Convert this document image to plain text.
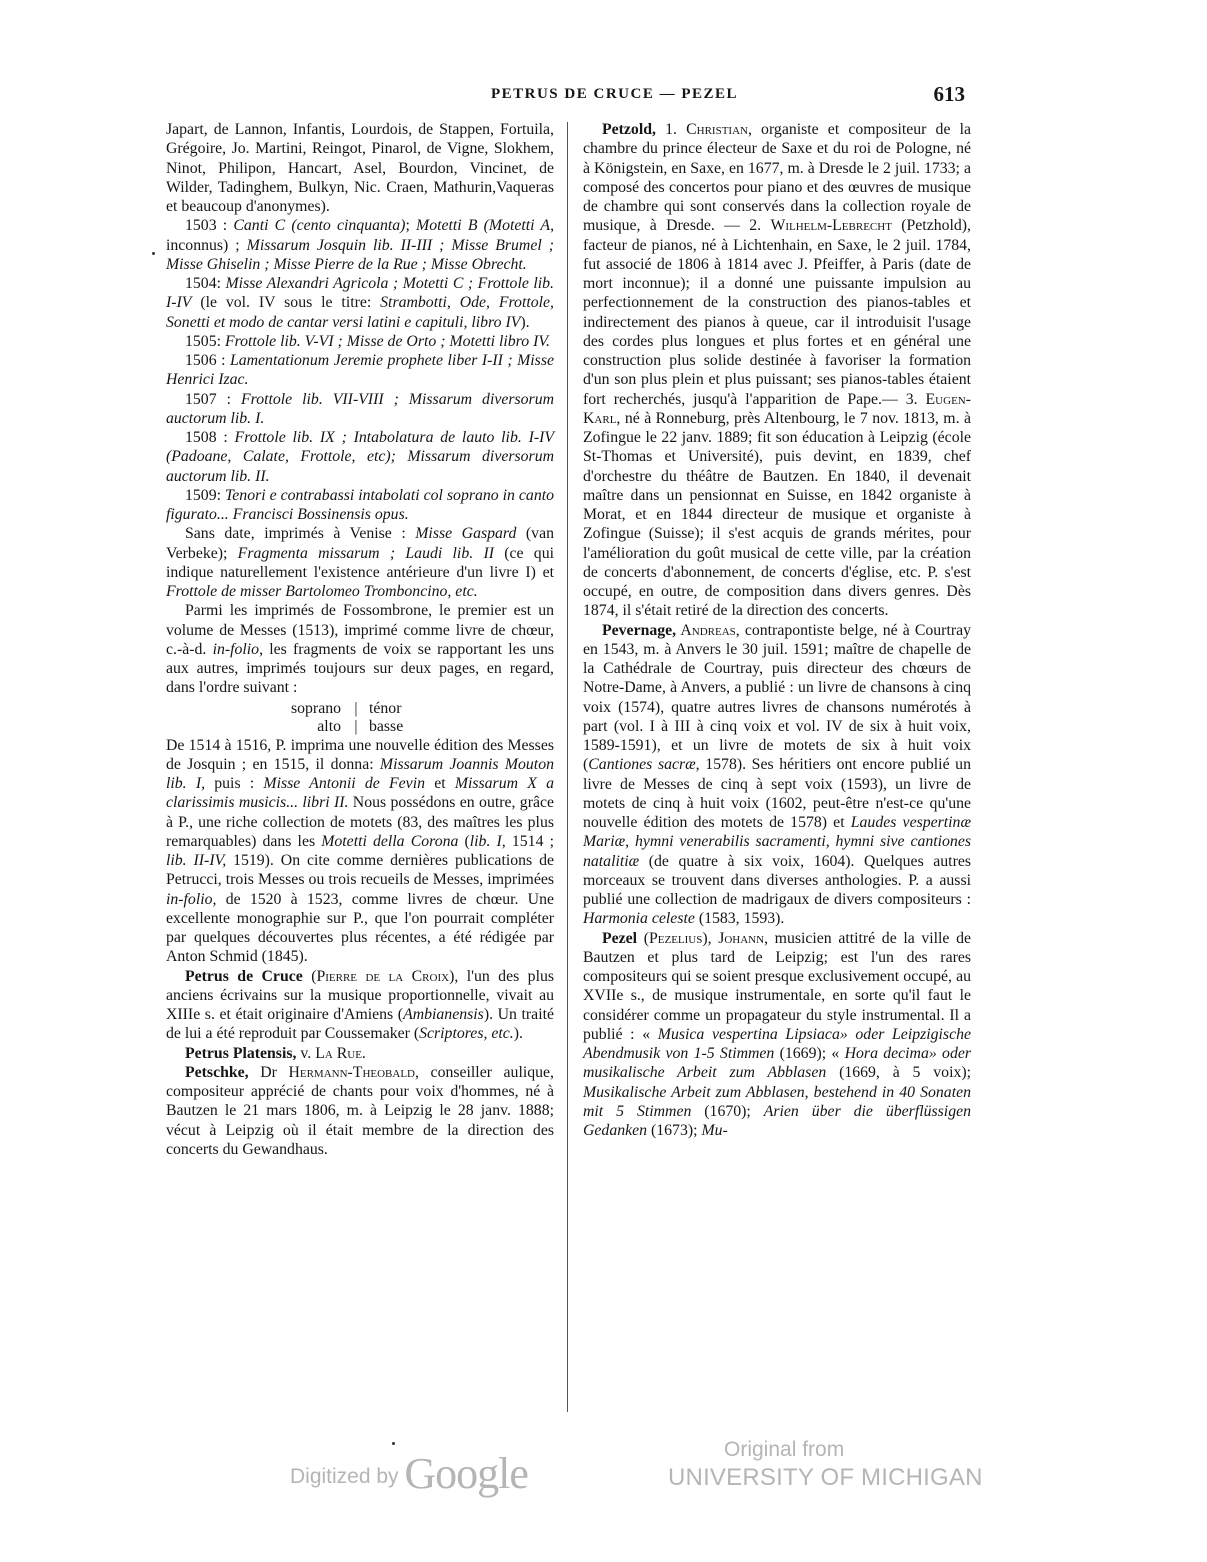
PETRUS DE CRUCE — PEZEL	613

Japart, de Lannon, Infantis, Lourdois, de Stappen, Fortuila, Grégoire, Jo. Martini, Reingot, Pinarol, de Vigne, Slokhem, Ninot, Philipon, Hancart, Asel, Bourdon, Vincinet, de Wilder, Tadinghem, Bulkyn, Nic. Craen, Mathurin,Vaqueras et beaucoup d'anonymes).

1503 : Canti C (cento cinquanta); Motetti B (Motetti A, inconnus) ; Missarum Josquin lib. II-III ; Misse Brumel ; Misse Ghiselin ; Misse Pierre de la Rue ; Misse Obrecht.

1504: Misse Alexandri Agricola ; Motetti C ; Frottole lib. I-IV (le vol. IV sous le titre: Strambotti, Ode, Frottole, Sonetti et modo de cantar versi latini e capituli, libro IV).

1505: Frottole lib. V-VI ; Misse de Orto ; Motetti libro IV.

1506 : Lamentationum Jeremie prophete liber I-II ; Misse Henrici Izac.

1507 : Frottole lib. VII-VIII ; Missarum diversorum auctorum lib. I.

1508 : Frottole lib. IX ; Intabolatura de lauto lib. I-IV (Padoane, Calate, Frottole, etc); Missarum diversorum auctorum lib. II.

1509: Tenori e contrabassi intabolati col soprano in canto figurato... Francisci Bossinensis opus.

Sans date, imprimés à Venise : Misse Gaspard (van Verbeke); Fragmenta missarum ; Laudi lib. II (ce qui indique naturellement l'existence antérieure d'un livre I) et Frottole de misser Bartolomeo Tromboncino, etc.

Parmi les imprimés de Fossombrone, le premier est un volume de Messes (1513), imprimé comme livre de chœur, c.-à-d. in-folio, les fragments de voix se rapportant les uns aux autres, imprimés toujours sur deux pages, en regard, dans l'ordre suivant :

soprano | ténor
alto | basse

De 1514 à 1516, P. imprima une nouvelle édition des Messes de Josquin ; en 1515, il donna: Missarum Joannis Mouton lib. I, puis : Misse Antonii de Fevin et Missarum X a clarissimis musicis... libri II. Nous possédons en outre, grâce à P., une riche collection de motets (83, des maîtres les plus remarquables) dans les Motetti della Corona (lib. I, 1514 ; lib. II-IV, 1519). On cite comme dernières publications de Petrucci, trois Messes ou trois recueils de Messes, imprimées in-folio, de 1520 à 1523, comme livres de chœur. Une excellente monographie sur P., que l'on pourrait compléter par quelques découvertes plus récentes, a été rédigée par Anton Schmid (1845).

Petrus de Cruce (Pierre de la Croix), l'un des plus anciens écrivains sur la musique proportionnelle, vivait au XIIIe s. et était originaire d'Amiens (Ambianensis). Un traité de lui a été reproduit par Coussemaker (Scriptores, etc.).

Petrus Platensis, v. La Rue.

Petschke, Dr Hermann-Theobald, conseiller aulique, compositeur apprécié de chants pour voix d'hommes, né à Bautzen le 21 mars 1806, m. à Leipzig le 28 janv. 1888; vécut à Leipzig où il était membre de la direction des concerts du Gewandhaus.

Petzold, 1. Christian, organiste et compositeur de la chambre du prince électeur de Saxe et du roi de Pologne, né à Königstein, en Saxe, en 1677, m. à Dresde le 2 juil. 1733; a composé des concertos pour piano et des œuvres de musique de chambre qui sont conservés dans la collection royale de musique, à Dresde. — 2. Wilhelm-Lebrecht (Petzhold), facteur de pianos, né à Lichtenhain, en Saxe, le 2 juil. 1784, fut associé de 1806 à 1814 avec J. Pfeiffer, à Paris (date de mort inconnue); il a donné une puissante impulsion au perfectionnement de la construction des pianos-tables et indirectement des pianos à queue, car il introduisit l'usage des cordes plus longues et plus fortes et en général une construction plus solide destinée à favoriser la formation d'un son plus plein et plus puissant; ses pianos-tables étaient fort recherchés, jusqu'à l'apparition de Pape.— 3. Eugen-Karl, né à Ronneburg, près Altenbourg, le 7 nov. 1813, m. à Zofingue le 22 janv. 1889; fit son éducation à Leipzig (école St-Thomas et Université), puis devint, en 1839, chef d'orchestre du théâtre de Bautzen. En 1840, il devenait maître dans un pensionnat en Suisse, en 1842 organiste à Morat, et en 1844 directeur de musique et organiste à Zofingue (Suisse); il s'est acquis de grands mérites, pour l'amélioration du goût musical de cette ville, par la création de concerts d'abonnement, de concerts d'église, etc. P. s'est occupé, en outre, de composition dans divers genres. Dès 1874, il s'était retiré de la direction des concerts.

Pevernage, Andreas, contrapontiste belge, né à Courtray en 1543, m. à Anvers le 30 juil. 1591; maître de chapelle de la Cathédrale de Courtray, puis directeur des chœurs de Notre-Dame, à Anvers, a publié : un livre de chansons à cinq voix (1574), quatre autres livres de chansons numérotés à part (vol. I à III à cinq voix et vol. IV de six à huit voix, 1589-1591), et un livre de motets de six à huit voix (Cantiones sacræ, 1578). Ses héritiers ont encore publié un livre de Messes de cinq à sept voix (1593), un livre de motets de cinq à huit voix (1602, peut-être n'est-ce qu'une nouvelle édition des motets de 1578) et Laudes vespertinæ Mariæ, hymni venerabilis sacramenti, hymni sive cantiones natalitiæ (de quatre à six voix, 1604). Quelques autres morceaux se trouvent dans diverses anthologies. P. a aussi publié une collection de madrigaux de divers compositeurs : Harmonia celeste (1583, 1593).

Pezel (Pezelius), Johann, musicien attitré de la ville de Bautzen et plus tard de Leipzig; est l'un des rares compositeurs qui se soient presque exclusivement occupé, au XVIIe s., de musique instrumentale, en sorte qu'il faut le considérer comme un propagateur du style instrumental. Il a publié : « Musica vespertina Lipsiaca» oder Leipzigische Abendmusik von 1-5 Stimmen (1669); « Hora decima» oder musikalische Arbeit zum Abblasen (1669, à 5 voix); Musikalische Arbeit zum Abblasen, bestehend in 40 Sonaten mit 5 Stimmen (1670); Arien über die überflüssigen Gedanken (1673); Mu-

Digitized by Google	Original from
UNIVERSITY OF MICHIGAN
